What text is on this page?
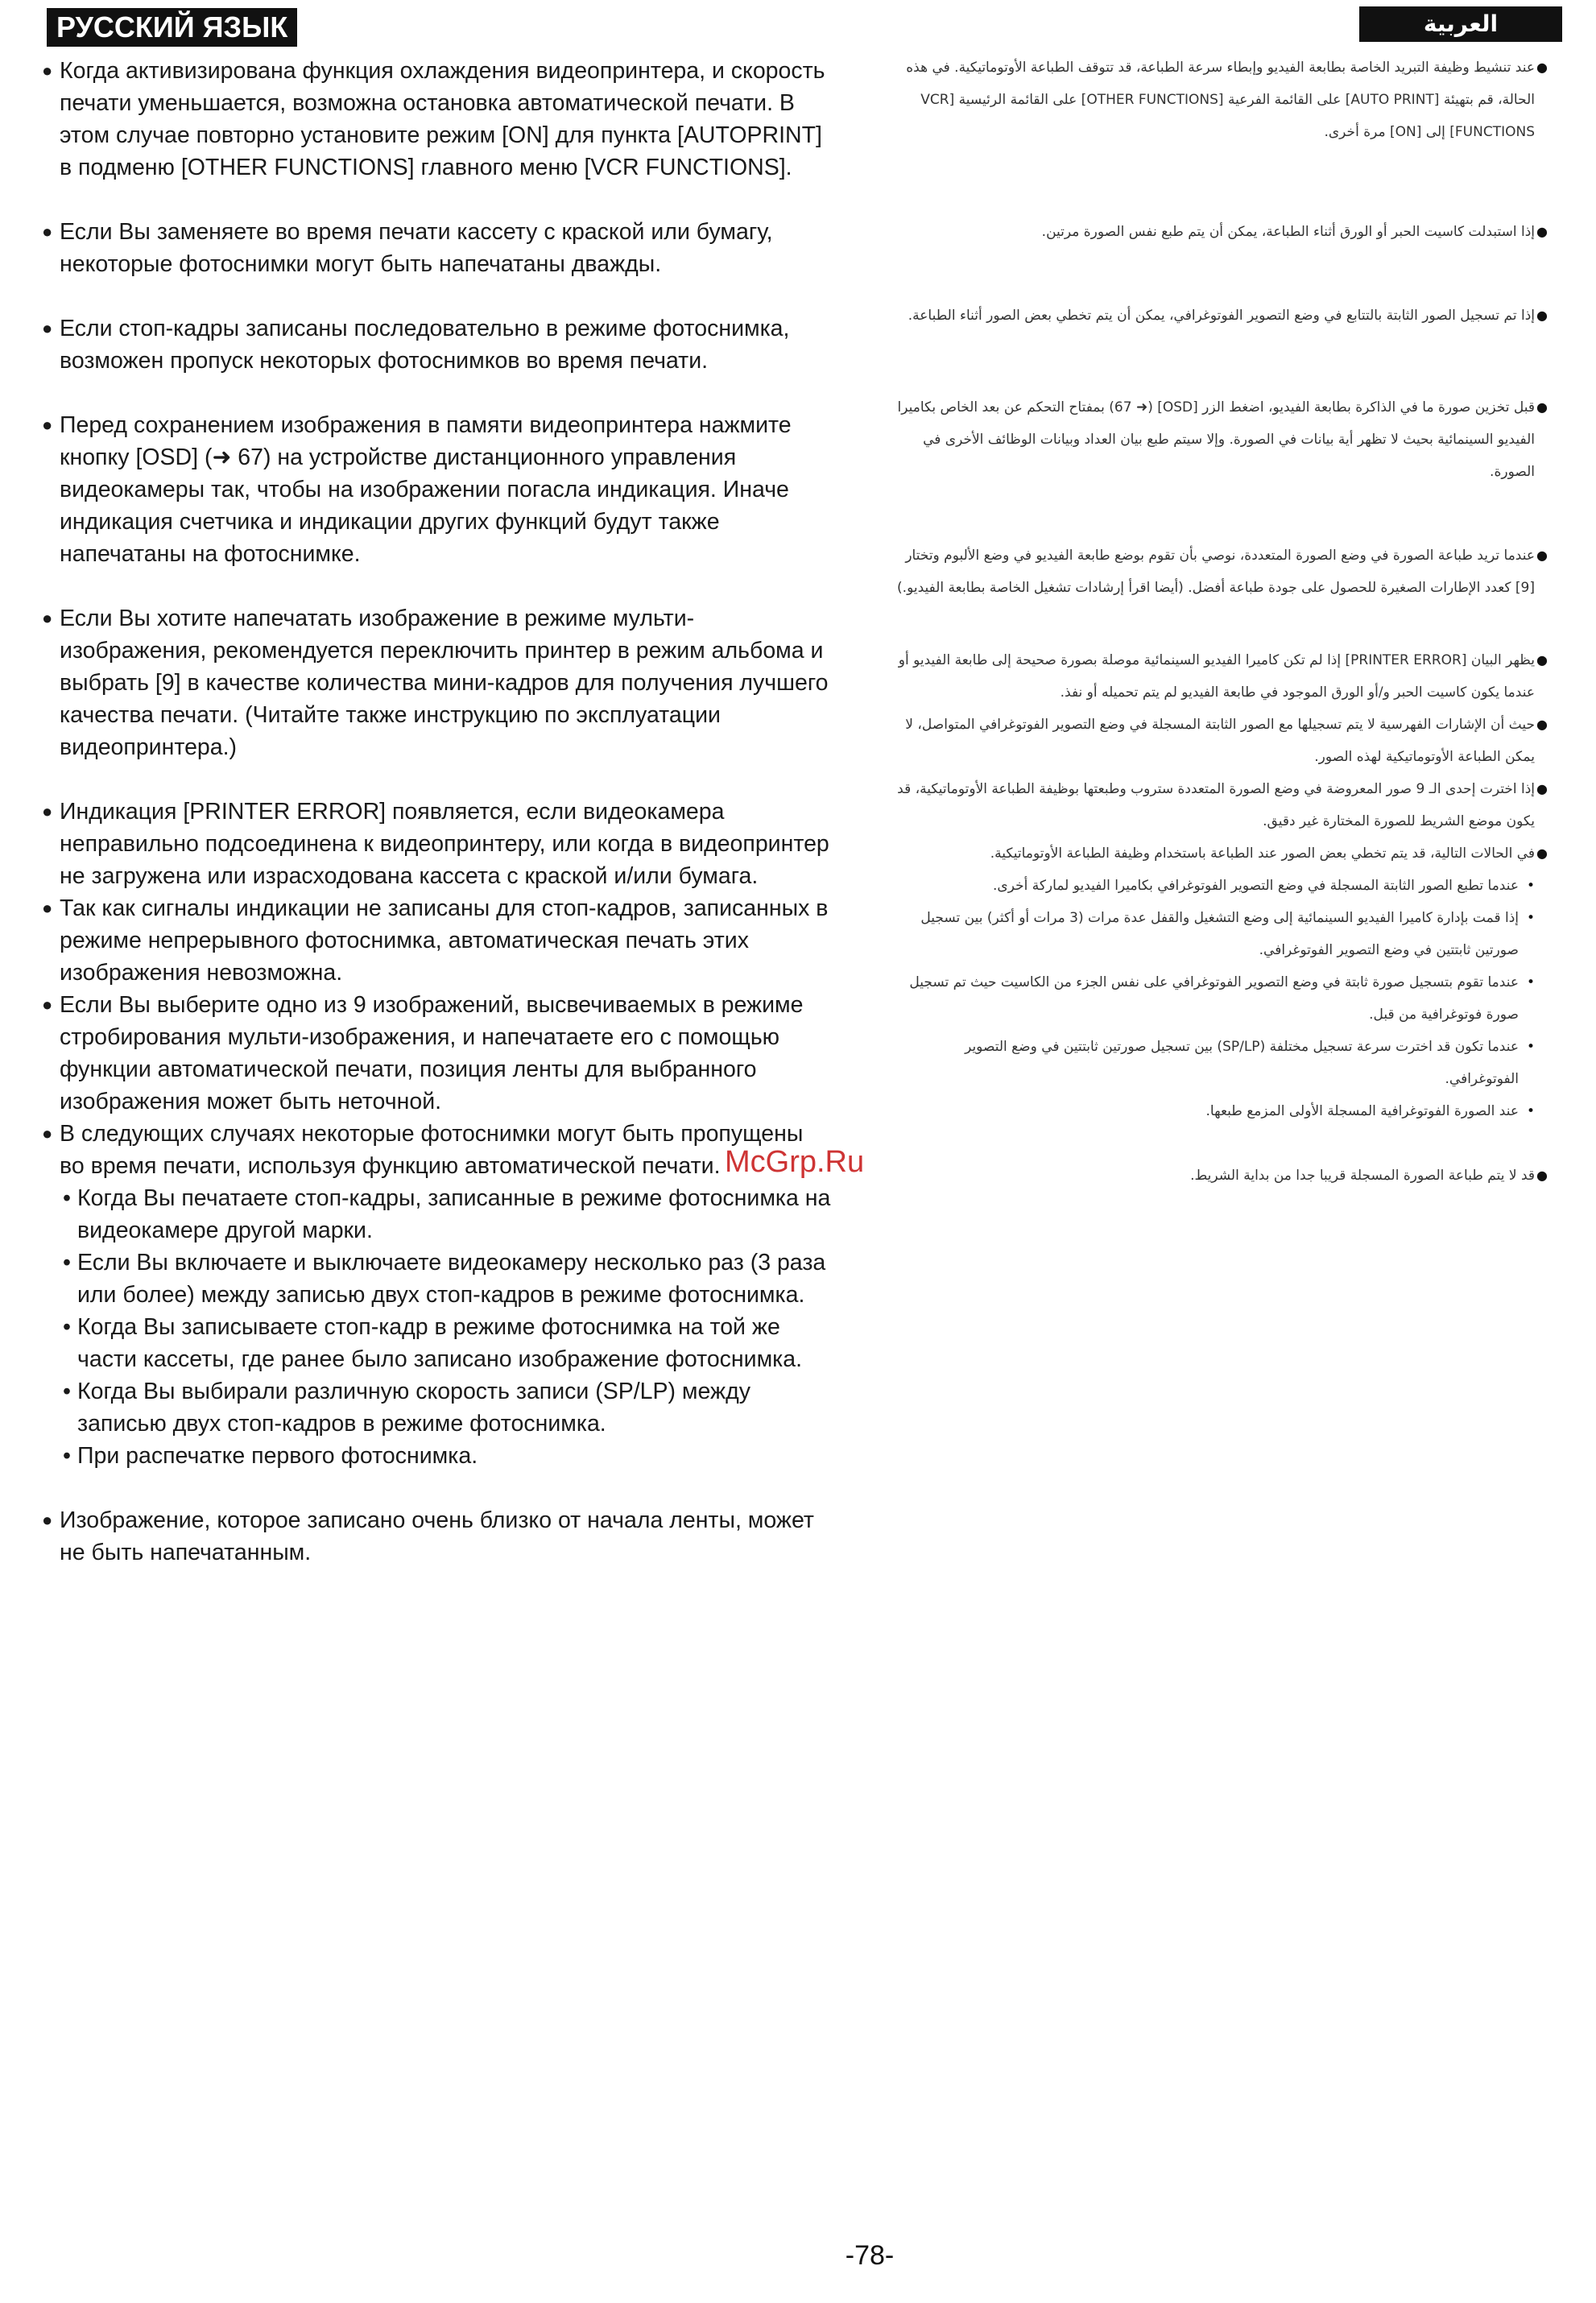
РУССКИЙ ЯЗЫК	العربية
● Когда активизирована функция охлаждения видеопринтера, и скорость печати уменьшается, возможна остановка автоматической печати. В этом случае повторно установите режим [ON] для пункта [AUTOPRINT] в подменю [OTHER FUNCTIONS] главного меню [VCR FUNCTIONS].
● Если Вы заменяете во время печати кассету с краской или бумагу, некоторые фотоснимки могут быть напечатаны дважды.
● Если стоп-кадры записаны последовательно в режиме фотоснимка, возможен пропуск некоторых фотоснимков во время печати.
● Перед сохранением изображения в памяти видеопринтера нажмите кнопку [OSD] (➜ 67) на устройстве дистанционного управления видеокамеры так, чтобы на изображении погасла индикация. Иначе индикация счетчика и индикации других функций будут также напечатаны на фотоснимке.
● Если Вы хотите напечатать изображение в режиме мульти-изображения, рекомендуется переключить принтер в режим альбома и выбрать [9] в качестве количества мини-кадров для получения лучшего качества печати. (Читайте также инструкцию по эксплуатации видеопринтера.)
● Индикация [PRINTER ERROR] появляется, если видеокамера неправильно подсоединена к видеопринтеру, или когда в видеопринтер не загружена или израсходована кассета с краской и/или бумага.
● Так как сигналы индикации не записаны для стоп-кадров, записанных в режиме непрерывного фотоснимка, автоматическая печать этих изображения невозможна.
● Если Вы выберите одно из 9 изображений, высвечиваемых в режиме стробирования мульти-изображения, и напечатаете его с помощью функции автоматической печати, позиция ленты для выбранного изображения может быть неточной.
● В следующих случаях некоторые фотоснимки могут быть пропущены во время печати, используя функцию автоматической печати.
• Когда Вы печатаете стоп-кадры, записанные в режиме фотоснимка на видеокамере другой марки.
• Если Вы включаете и выключаете видеокамеру несколько раз (3 раза или более) между записью двух стоп-кадров в режиме фотоснимка.
• Когда Вы записываете стоп-кадр в режиме фотоснимка на той же части кассеты, где ранее было записано изображение фотоснимка.
• Когда Вы выбирали различную скорость записи (SP/LP) между записью двух стоп-кадров в режиме фотоснимка.
• При распечатке первого фотоснимка.
● Изображение, которое записано очень близко от начала ленты, может не быть напечатанным.
● عند تنشيط وظيفة التبريد الخاصة بطابعة الفيديو وإبطاء سرعة الطباعة، قد تتوقف الطباعة الأوتوماتيكية. في هذه الحالة، قم بتهيئة [AUTO PRINT] على القائمة الفرعية [OTHER FUNCTIONS] على القائمة الرئيسية [VCR FUNCTIONS] إلى [ON] مرة أخرى.
● إذا استبدلت كاسيت الحبر أو الورق أثناء الطباعة، يمكن أن يتم طبع نفس الصورة مرتين.
● إذا تم تسجيل الصور الثابتة بالتتابع في وضع التصوير الفوتوغرافي، يمكن أن يتم تخطي بعض الصور أثناء الطباعة.
● قبل تخزين صورة ما في الذاكرة بطابعة الفيديو، اضغط الزر [OSD] (➜ 67) بمفتاح التحكم عن بعد الخاص بكاميرا الفيديو السينمائية بحيث لا تظهر أية بيانات في الصورة. وإلا سيتم طبع بيان العداد وبيانات الوظائف الأخرى في الصورة.
● عندما تريد طباعة الصورة في وضع الصورة المتعددة، نوصي بأن تقوم بوضع طابعة الفيديو في وضع الألبوم وتختار [9] كعدد الإطارات الصغيرة للحصول على جودة طباعة أفضل. (أيضا اقرأ إرشادات تشغيل الخاصة بطابعة الفيديو.)
● يظهر البيان [PRINTER ERROR] إذا لم تكن كاميرا الفيديو السينمائية موصلة بصورة صحيحة إلى طابعة الفيديو أو عندما يكون كاسيت الحبر و/أو الورق الموجود في طابعة الفيديو لم يتم تحميله أو نفذ.
● حيث أن الإشارات الفهرسية لا يتم تسجيلها مع الصور الثابتة المسجلة في وضع التصوير الفوتوغرافي المتواصل، لا يمكن الطباعة الأوتوماتيكية لهذه الصور.
● إذا اخترت إحدى الـ 9 صور المعروضة في وضع الصورة المتعددة ستروب وطبعتها بوظيفة الطباعة الأوتوماتيكية، قد يكون موضع الشريط للصورة المختارة غير دقيق.
● في الحالات التالية، قد يتم تخطي بعض الصور عند الطباعة باستخدام وظيفة الطباعة الأوتوماتيكية.
• عندما تطبع الصور الثابتة المسجلة في وضع التصوير الفوتوغرافي بكاميرا الفيديو لماركة أخرى.
• إذا قمت بإدارة كاميرا الفيديو السينمائية إلى وضع التشغيل والقفل عدة مرات (3 مرات أو أكثر) بين تسجيل صورتين ثابتتين في وضع التصوير الفوتوغرافي.
• عندما تقوم بتسجيل صورة ثابتة في وضع التصوير الفوتوغرافي على نفس الجزء من الكاسيت حيث تم تسجيل صورة فوتوغرافية من قبل.
• عندما تكون قد اخترت سرعة تسجيل مختلفة (SP/LP) بين تسجيل صورتين ثابتتين في وضع التصوير الفوتوغرافي.
• عند الصورة الفوتوغرافية المسجلة الأولى المزمع طبعها.
● قد لا يتم طباعة الصورة المسجلة قريبا جدا من بداية الشريط.
McGrp.Ru
-78-
